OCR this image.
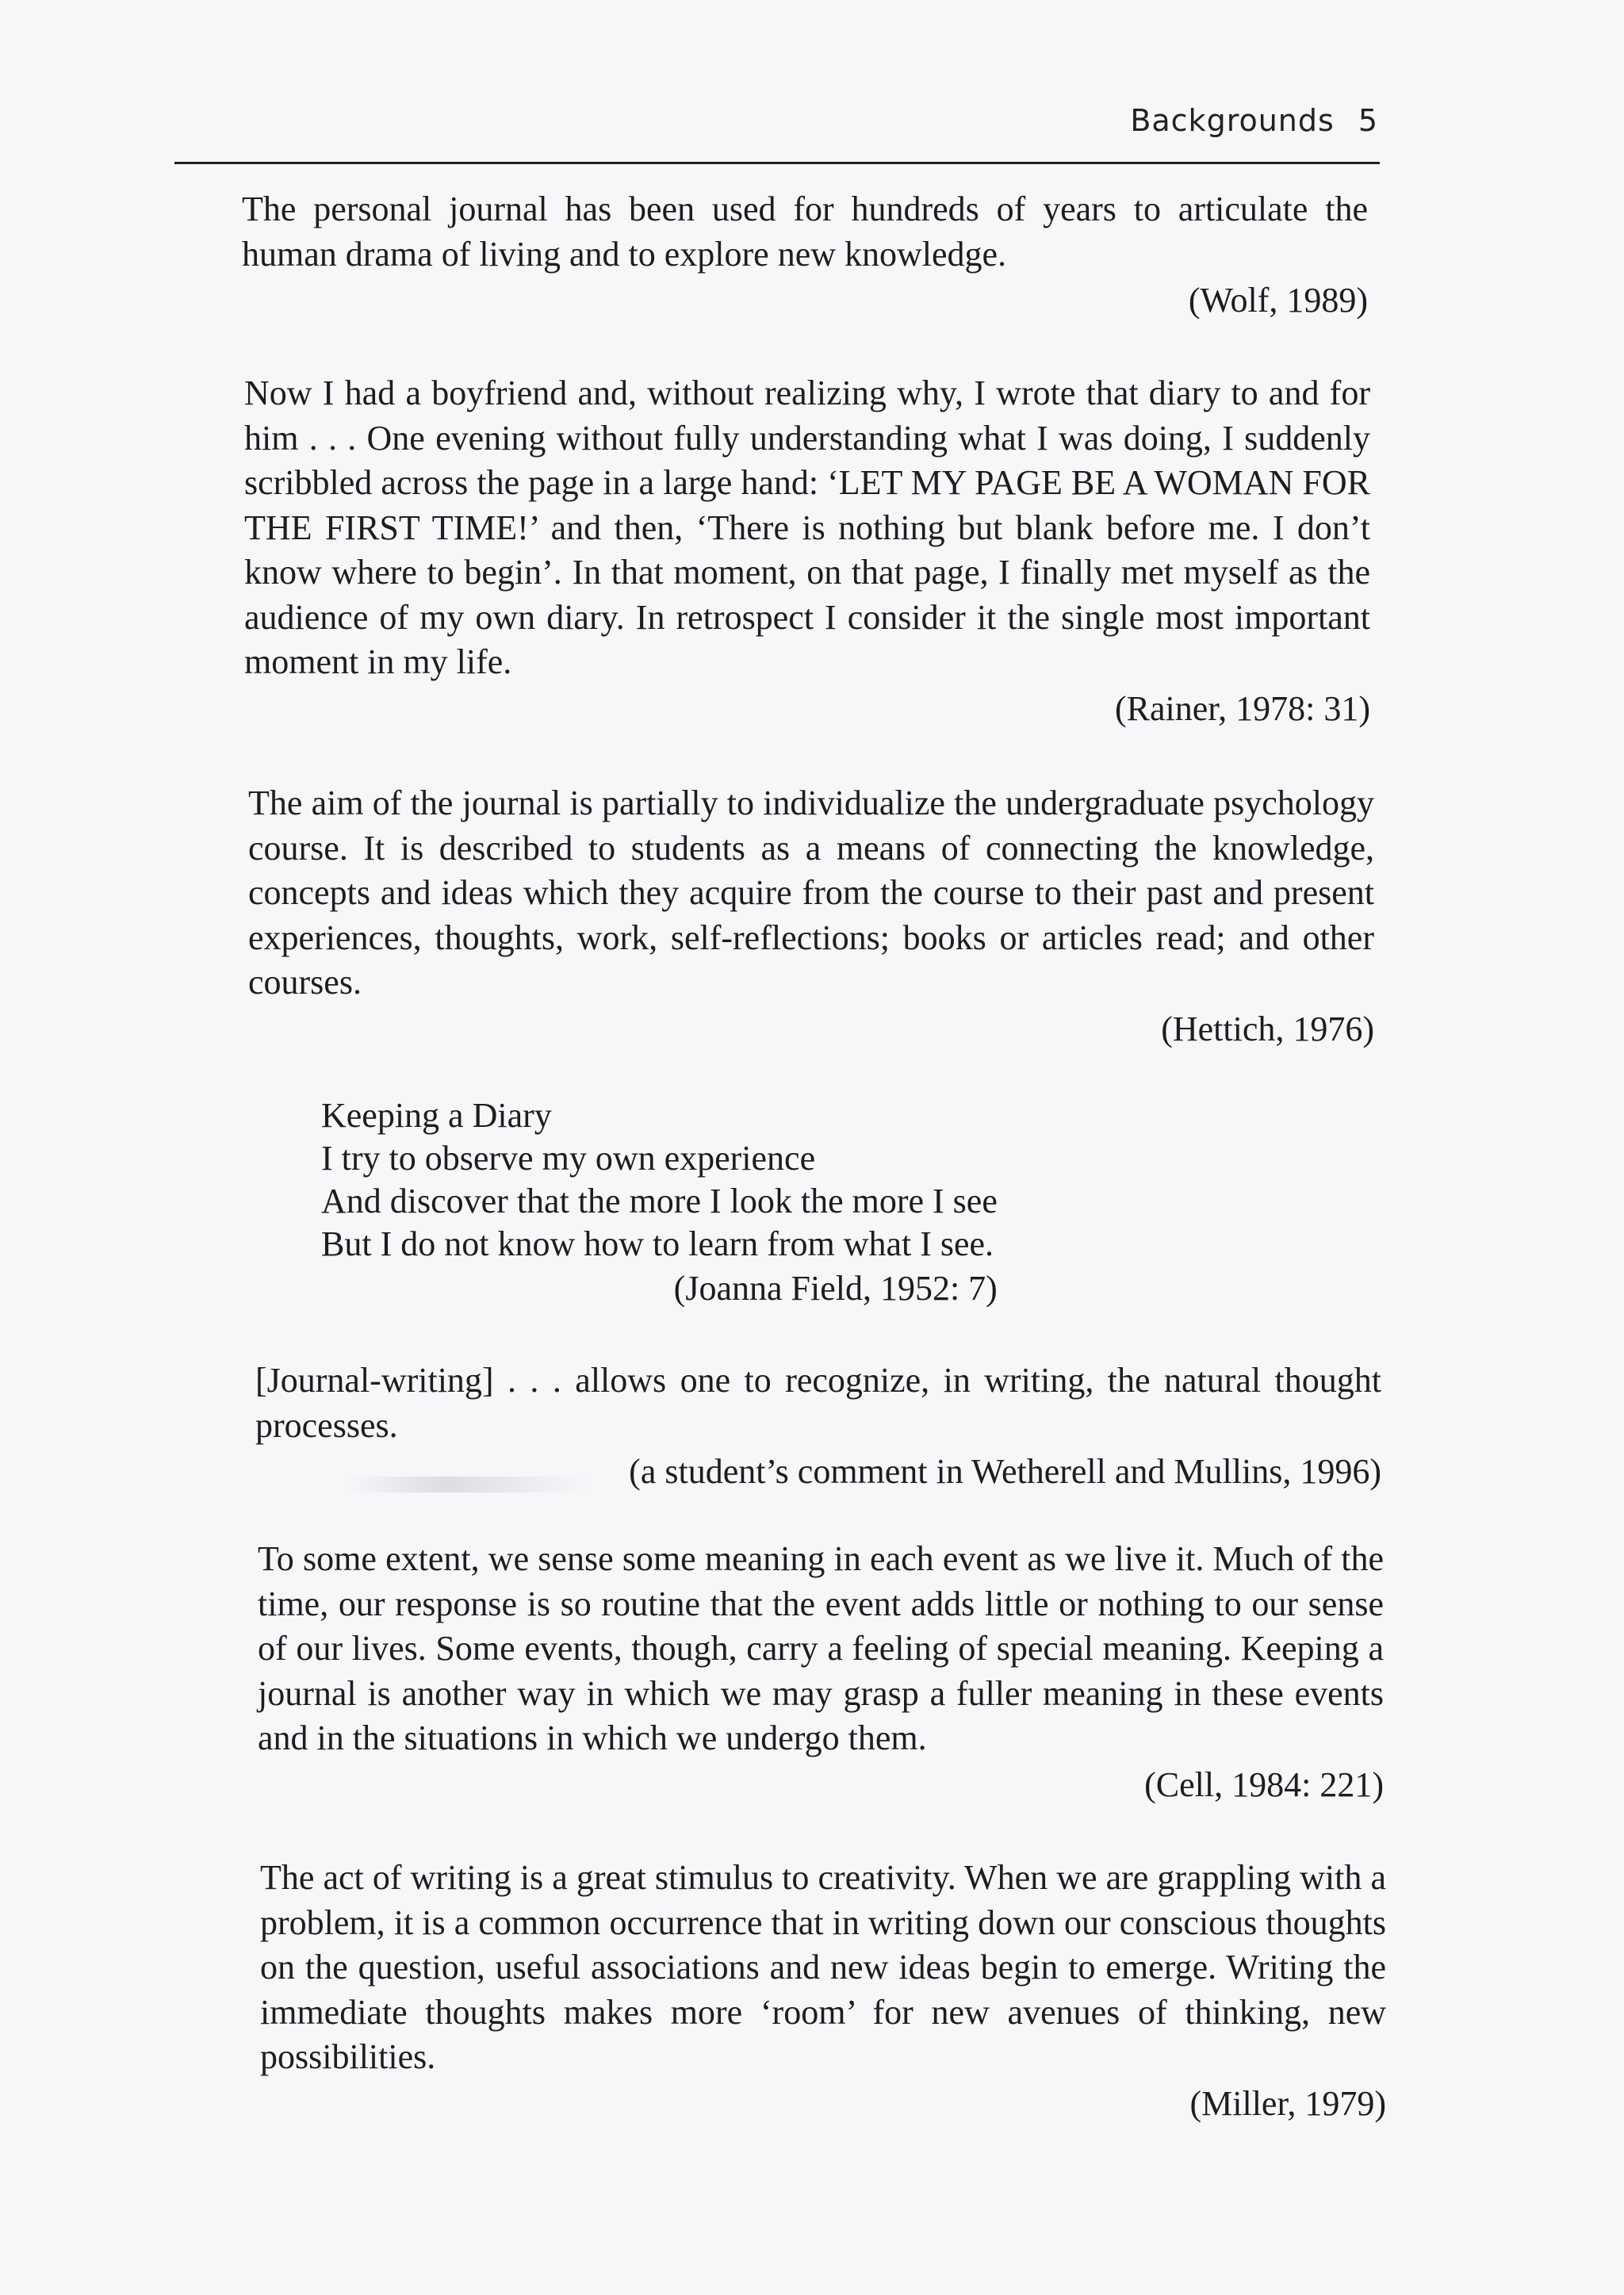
Backgrounds 5
The personal journal has been used for hundreds of years to articulate the human drama of living and to explore new knowledge.
(Wolf, 1989)
Now I had a boyfriend and, without realizing why, I wrote that diary to and for him . . . One evening without fully understanding what I was doing, I suddenly scribbled across the page in a large hand: ‘LET MY PAGE BE A WOMAN FOR THE FIRST TIME!’ and then, ‘There is nothing but blank before me. I don’t know where to begin’. In that moment, on that page, I finally met myself as the audience of my own diary. In retrospect I consider it the single most important moment in my life.
(Rainer, 1978: 31)
The aim of the journal is partially to individualize the undergraduate psychology course. It is described to students as a means of connecting the knowledge, concepts and ideas which they acquire from the course to their past and present experiences, thoughts, work, self-reflections; books or articles read; and other courses.
(Hettich, 1976)
Keeping a Diary
I try to observe my own experience
And discover that the more I look the more I see
But I do not know how to learn from what I see.
(Joanna Field, 1952: 7)
[Journal-writing] . . . allows one to recognize, in writing, the natural thought processes.
(a student’s comment in Wetherell and Mullins, 1996)
To some extent, we sense some meaning in each event as we live it. Much of the time, our response is so routine that the event adds little or nothing to our sense of our lives. Some events, though, carry a feeling of special meaning. Keeping a journal is another way in which we may grasp a fuller meaning in these events and in the situations in which we undergo them.
(Cell, 1984: 221)
The act of writing is a great stimulus to creativity. When we are grappling with a problem, it is a common occurrence that in writing down our conscious thoughts on the question, useful associations and new ideas begin to emerge. Writing the immediate thoughts makes more ‘room’ for new avenues of thinking, new possibilities.
(Miller, 1979)
